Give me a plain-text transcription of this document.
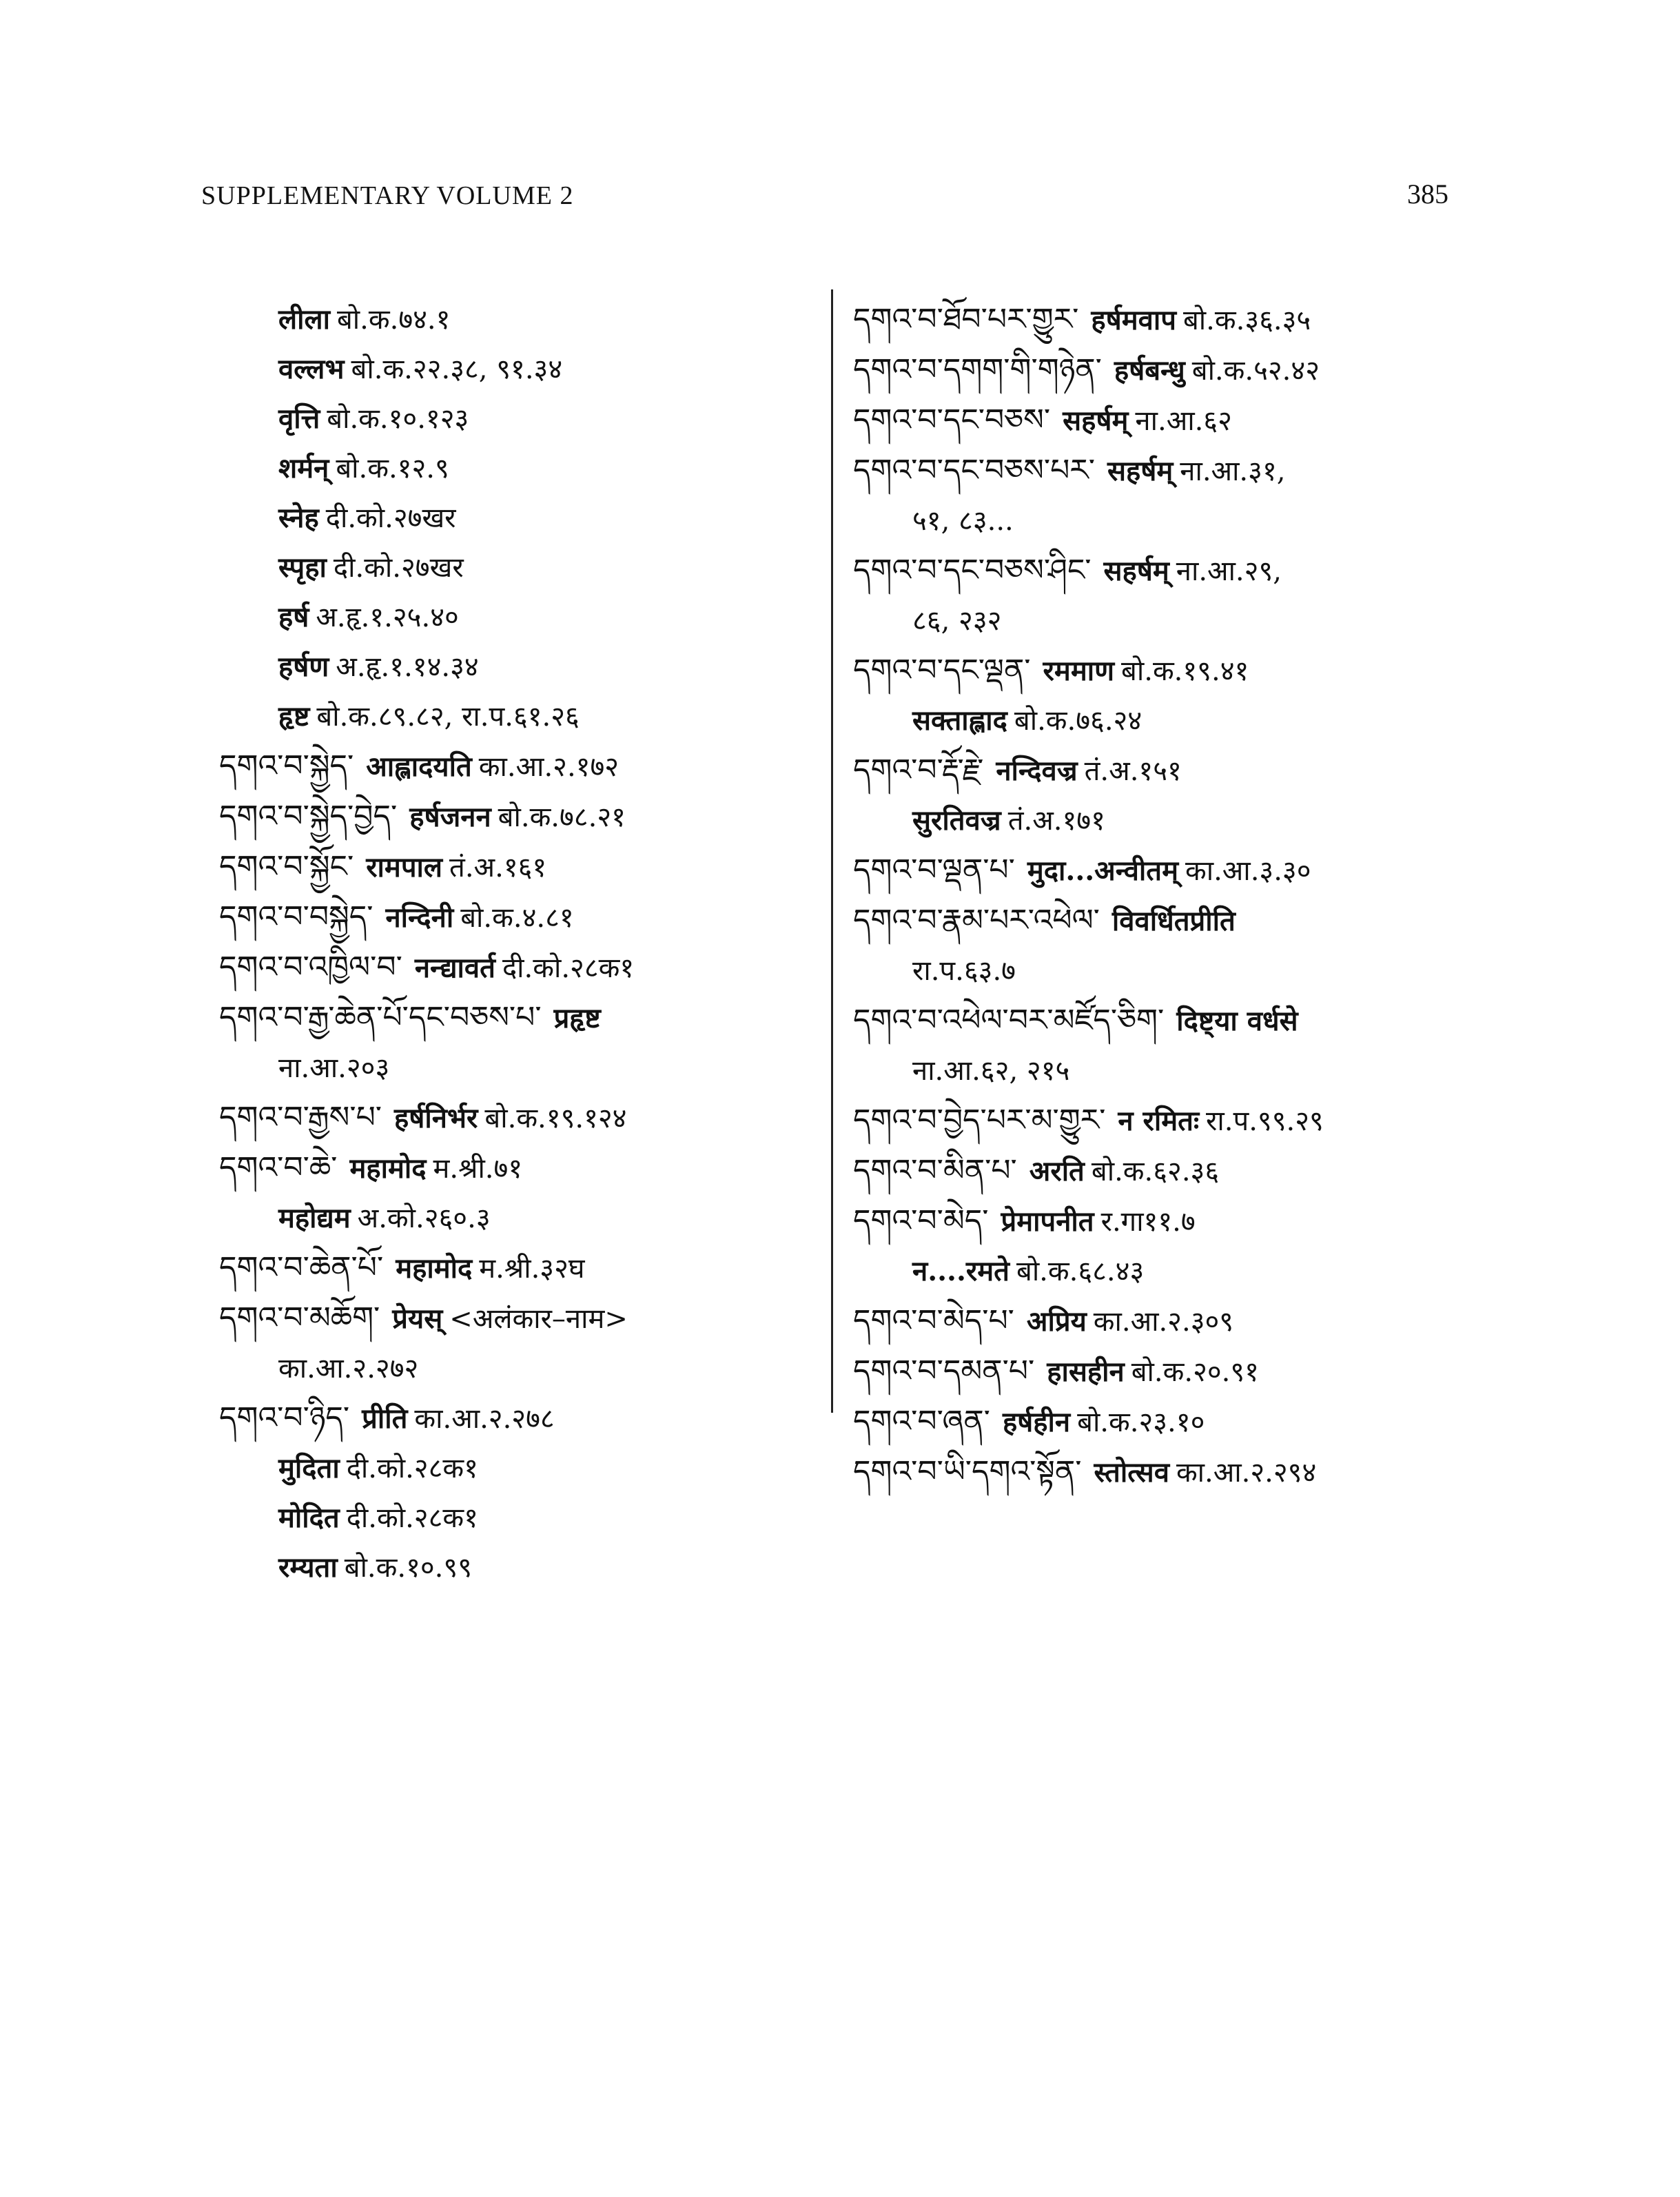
SUPPLEMENTARY VOLUME 2	385
लीला बो.क.७४.१
वल्लभ बो.क.२२.३८, ९१.३४
वृत्ति बो.क.१०.१२३
शर्मन् बो.क.१२.९
स्नेह दी.को.२७खर
स्पृहा दी.को.२७खर
हर्ष अ.हृ.१.२५.४०
हर्षण अ.हृ.१.१४.३४
हृष्ट बो.क.८९.८२, रा.प.६१.२६
དགའ་བ་སྐྱེད་ आह्लादयति का.आ.२.१७२
དགའ་བ་སྐྱེད་བྱེད་ हर्षजनन बो.क.७८.२१
དགའ་བ་སྐྱོང་ रामपाल तं.अ.१६१
དགའ་བ་བསྐྱེད་ नन्दिनी बो.क.४.८१
དགའ་བ་འཁྱིལ་བ་ नन्द्यावर्त दी.को.२८क१
དགའ་བ་རྒྱ་ཆེན་པོ་དང་བཅས་པ་ प्रहृष्ट
ना.आ.२०३
དགའ་བ་རྒྱས་པ་ हर्षनिर्भर बो.क.१९.१२४
དགའ་བ་ཆེ་ महामोद म.श्री.७१
महोद्यम अ.को.२६०.३
དགའ་བ་ཆེན་པོ་ महामोद म.श्री.३२घ
དགའ་བ་མཆོག་ प्रेयस् <अलंकार–नाम>
का.आ.२.२७२
དགའ་བ་ཉིད་ प्रीति का.आ.२.२७८
मुदिता दी.को.२८क१
मोदित दी.को.२८क१
रम्यता बो.क.१०.९९
དགའ་བ་ཐོབ་པར་གྱུར་ हर्षमवाप बो.क.३६.३५
དགའ་བ་དགག་གི་གཉེན་ हर्षबन्धु बो.क.५२.४२
དགའ་བ་དང་བཅས་ सहर्षम् ना.आ.६२
དགའ་བ་དང་བཅས་པར་ सहर्षम् ना.आ.३१,
५१, ८३...
དགའ་བ་དང་བཅས་ཤིང་ सहर्षम् ना.आ.२९,
८६, २३२
དགའ་བ་དང་ལྡན་ रममाण बो.क.१९.४१
सक्ताह्लाद बो.क.७६.२४
དགའ་བ་རྡོ་རྗེ་ नन्दिवज्र तं.अ.१५१
सुरतिवज्र तं.अ.१७१
དགའ་བ་ལྡན་པ་ मुदा...अन्वीतम् का.आ.३.३०
དགའ་བ་རྣམ་པར་འཕེལ་ विवर्धितप्रीति
रा.प.६३.७
དགའ་བ་འཕེལ་བར་མཛོད་ཅིག་ दिष्ट्या वर्धसे
ना.आ.६२, २१५
དགའ་བ་བྱེད་པར་མ་གྱུར་ न रमितः रा.प.९९.२९
དགའ་བ་མིན་པ་ अरति बो.क.६२.३६
དགའ་བ་མེད་ प्रेमापनीत र.गा११.७
न....रमते बो.क.६८.४३
དགའ་བ་མེད་པ་ अप्रिय का.आ.२.३०९
དགའ་བ་དམན་པ་ हासहीन बो.क.२०.९१
དགའ་བ་ཞན་ हर्षहीन बो.क.२३.१०
དགའ་བ་ཡི་དགའ་སྟོན་ स्तोत्सव का.आ.२.२९४
